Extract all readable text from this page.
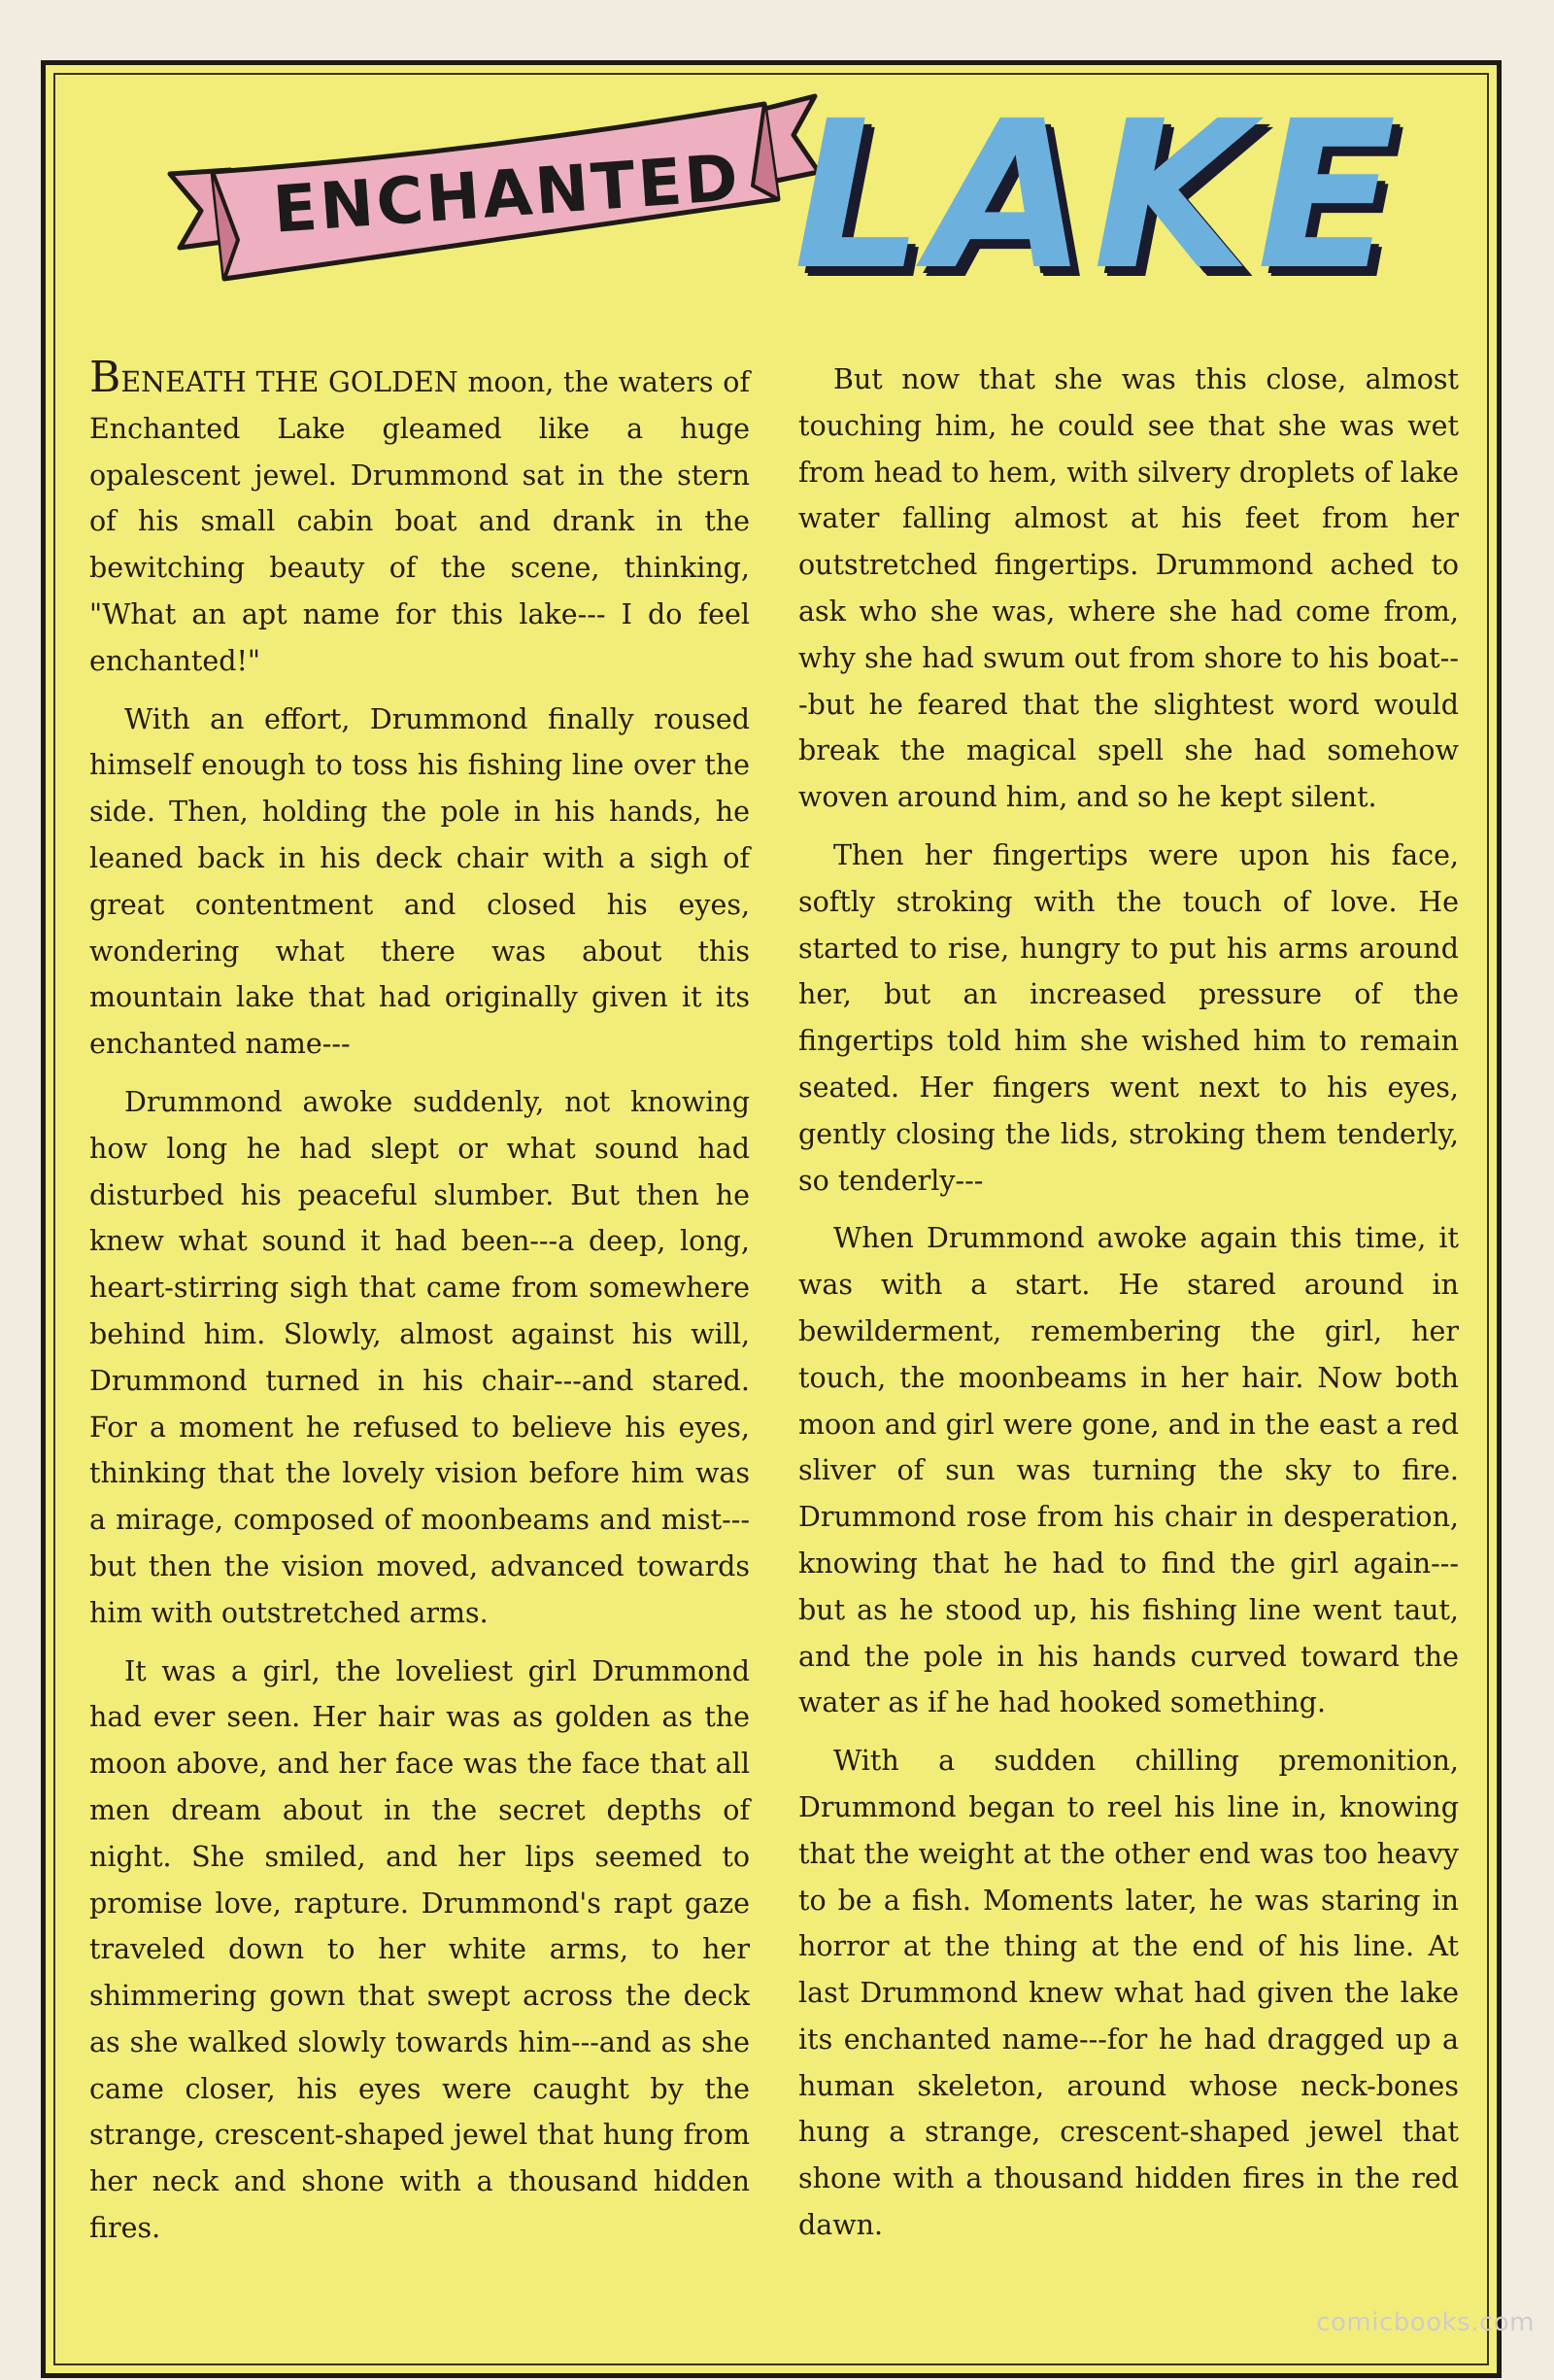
ENCHANTED LAKE

BENEATH THE GOLDEN moon, the waters of Enchanted Lake gleamed like a huge opalescent jewel. Drummond sat in the stern of his small cabin boat and drank in the bewitching beauty of the scene, thinking, "What an apt name for this lake--- I do feel enchanted!"

With an effort, Drummond finally roused himself enough to toss his fishing line over the side. Then, holding the pole in his hands, he leaned back in his deck chair with a sigh of great contentment and closed his eyes, wondering what there was about this mountain lake that had originally given it its enchanted name---

Drummond awoke suddenly, not knowing how long he had slept or what sound had disturbed his peaceful slumber. But then he knew what sound it had been---a deep, long, heart-stirring sigh that came from somewhere behind him. Slowly, almost against his will, Drummond turned in his chair---and stared. For a moment he refused to believe his eyes, thinking that the lovely vision before him was a mirage, composed of moonbeams and mist---but then the vision moved, advanced towards him with outstretched arms.

It was a girl, the loveliest girl Drummond had ever seen. Her hair was as golden as the moon above, and her face was the face that all men dream about in the secret depths of night. She smiled, and her lips seemed to promise love, rapture. Drummond's rapt gaze traveled down to her white arms, to her shimmering gown that swept across the deck as she walked slowly towards him---and as she came closer, his eyes were caught by the strange, crescent-shaped jewel that hung from her neck and shone with a thousand hidden fires.

But now that she was this close, almost touching him, he could see that she was wet from head to hem, with silvery droplets of lake water falling almost at his feet from her outstretched fingertips. Drummond ached to ask who she was, where she had come from, why she had swum out from shore to his boat---but he feared that the slightest word would break the magical spell she had somehow woven around him, and so he kept silent.

Then her fingertips were upon his face, softly stroking with the touch of love. He started to rise, hungry to put his arms around her, but an increased pressure of the fingertips told him she wished him to remain seated. Her fingers went next to his eyes, gently closing the lids, stroking them tenderly, so tenderly---

When Drummond awoke again this time, it was with a start. He stared around in bewilderment, remembering the girl, her touch, the moonbeams in her hair. Now both moon and girl were gone, and in the east a red sliver of sun was turning the sky to fire. Drummond rose from his chair in desperation, knowing that he had to find the girl again---but as he stood up, his fishing line went taut, and the pole in his hands curved toward the water as if he had hooked something.

With a sudden chilling premonition, Drummond began to reel his line in, knowing that the weight at the other end was too heavy to be a fish. Moments later, he was staring in horror at the thing at the end of his line. At last Drummond knew what had given the lake its enchanted name---for he had dragged up a human skeleton, around whose neck-bones hung a strange, crescent-shaped jewel that shone with a thousand hidden fires in the red dawn.

comicbooks.com
